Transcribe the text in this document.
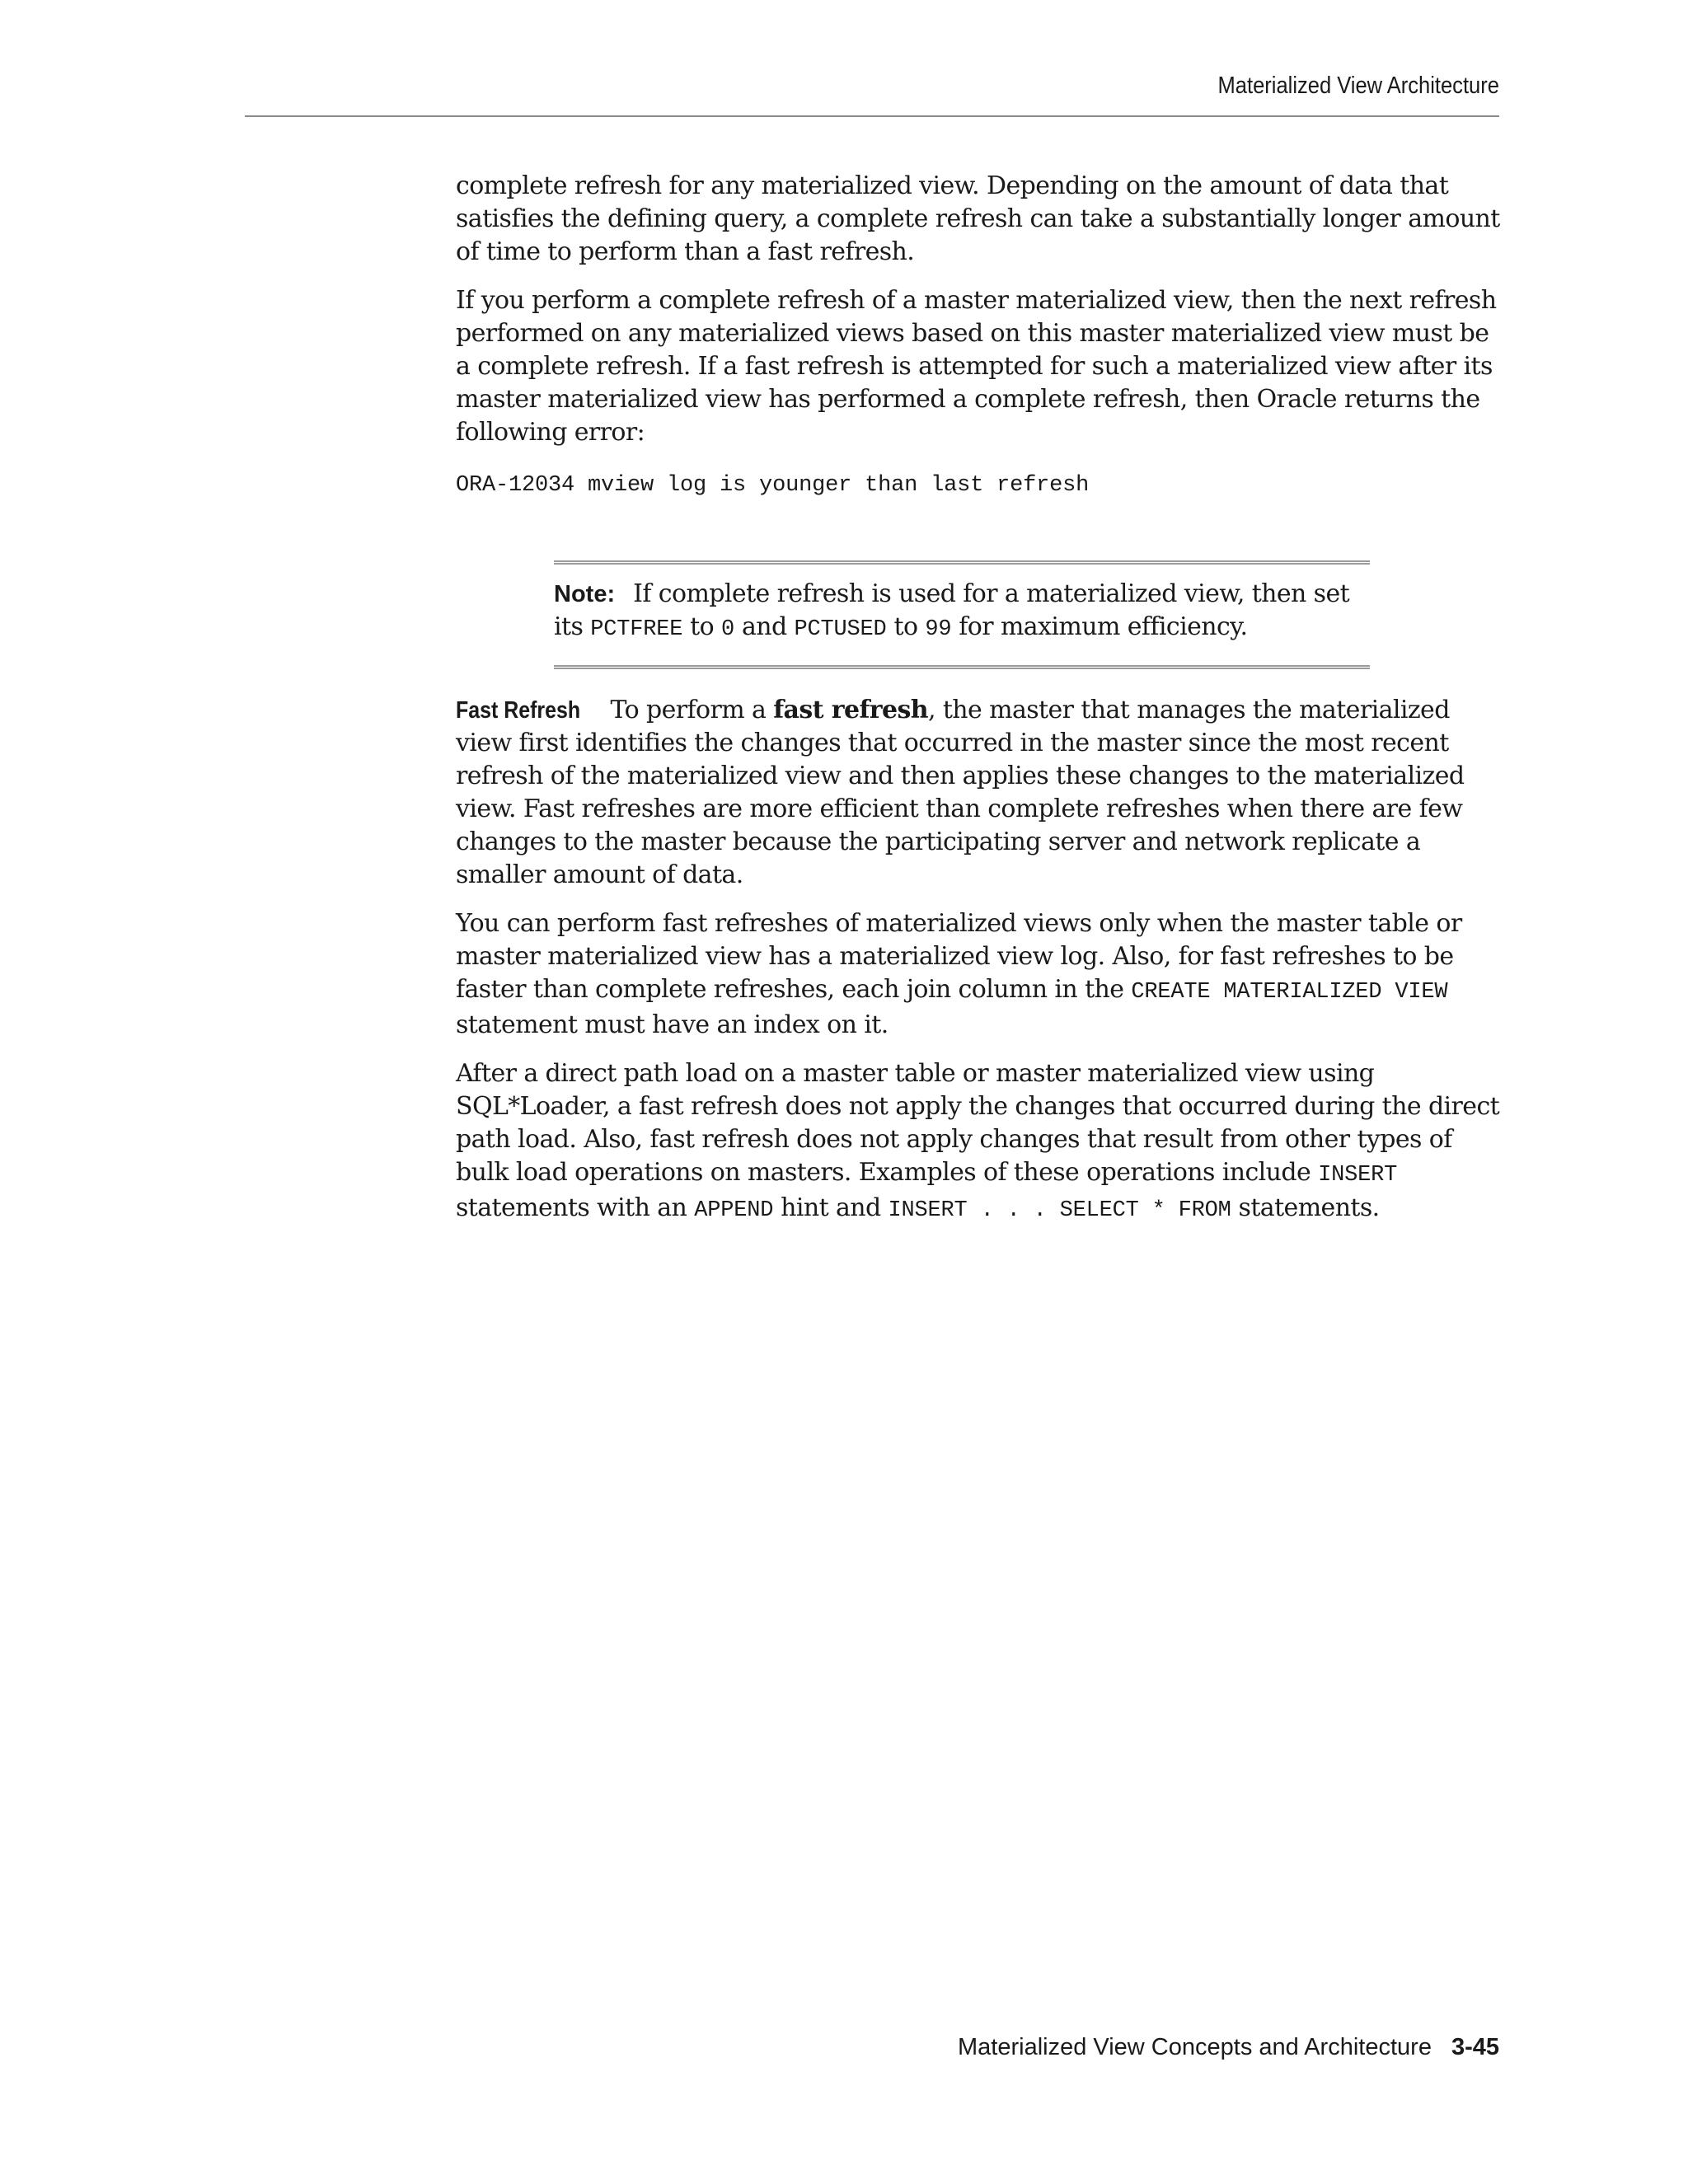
Materialized View Architecture

complete refresh for any materialized view. Depending on the amount of data that satisfies the defining query, a complete refresh can take a substantially longer amount of time to perform than a fast refresh.

If you perform a complete refresh of a master materialized view, then the next refresh performed on any materialized views based on this master materialized view must be a complete refresh. If a fast refresh is attempted for such a materialized view after its master materialized view has performed a complete refresh, then Oracle returns the following error:

ORA-12034 mview log is younger than last refresh
Note: If complete refresh is used for a materialized view, then set its PCTFREE to 0 and PCTUSED to 99 for maximum efficiency.

Fast Refresh To perform a fast refresh, the master that manages the materialized view first identifies the changes that occurred in the master since the most recent refresh of the materialized view and then applies these changes to the materialized view. Fast refreshes are more efficient than complete refreshes when there are few changes to the master because the participating server and network replicate a smaller amount of data.

You can perform fast refreshes of materialized views only when the master table or master materialized view has a materialized view log. Also, for fast refreshes to be faster than complete refreshes, each join column in the CREATE MATERIALIZED VIEW statement must have an index on it.

After a direct path load on a master table or master materialized view using SQL*Loader, a fast refresh does not apply the changes that occurred during the direct path load. Also, fast refresh does not apply changes that result from other types of bulk load operations on masters. Examples of these operations include INSERT statements with an APPEND hint and INSERT . . . SELECT * FROM statements.

Materialized View Concepts and Architecture 3-45
